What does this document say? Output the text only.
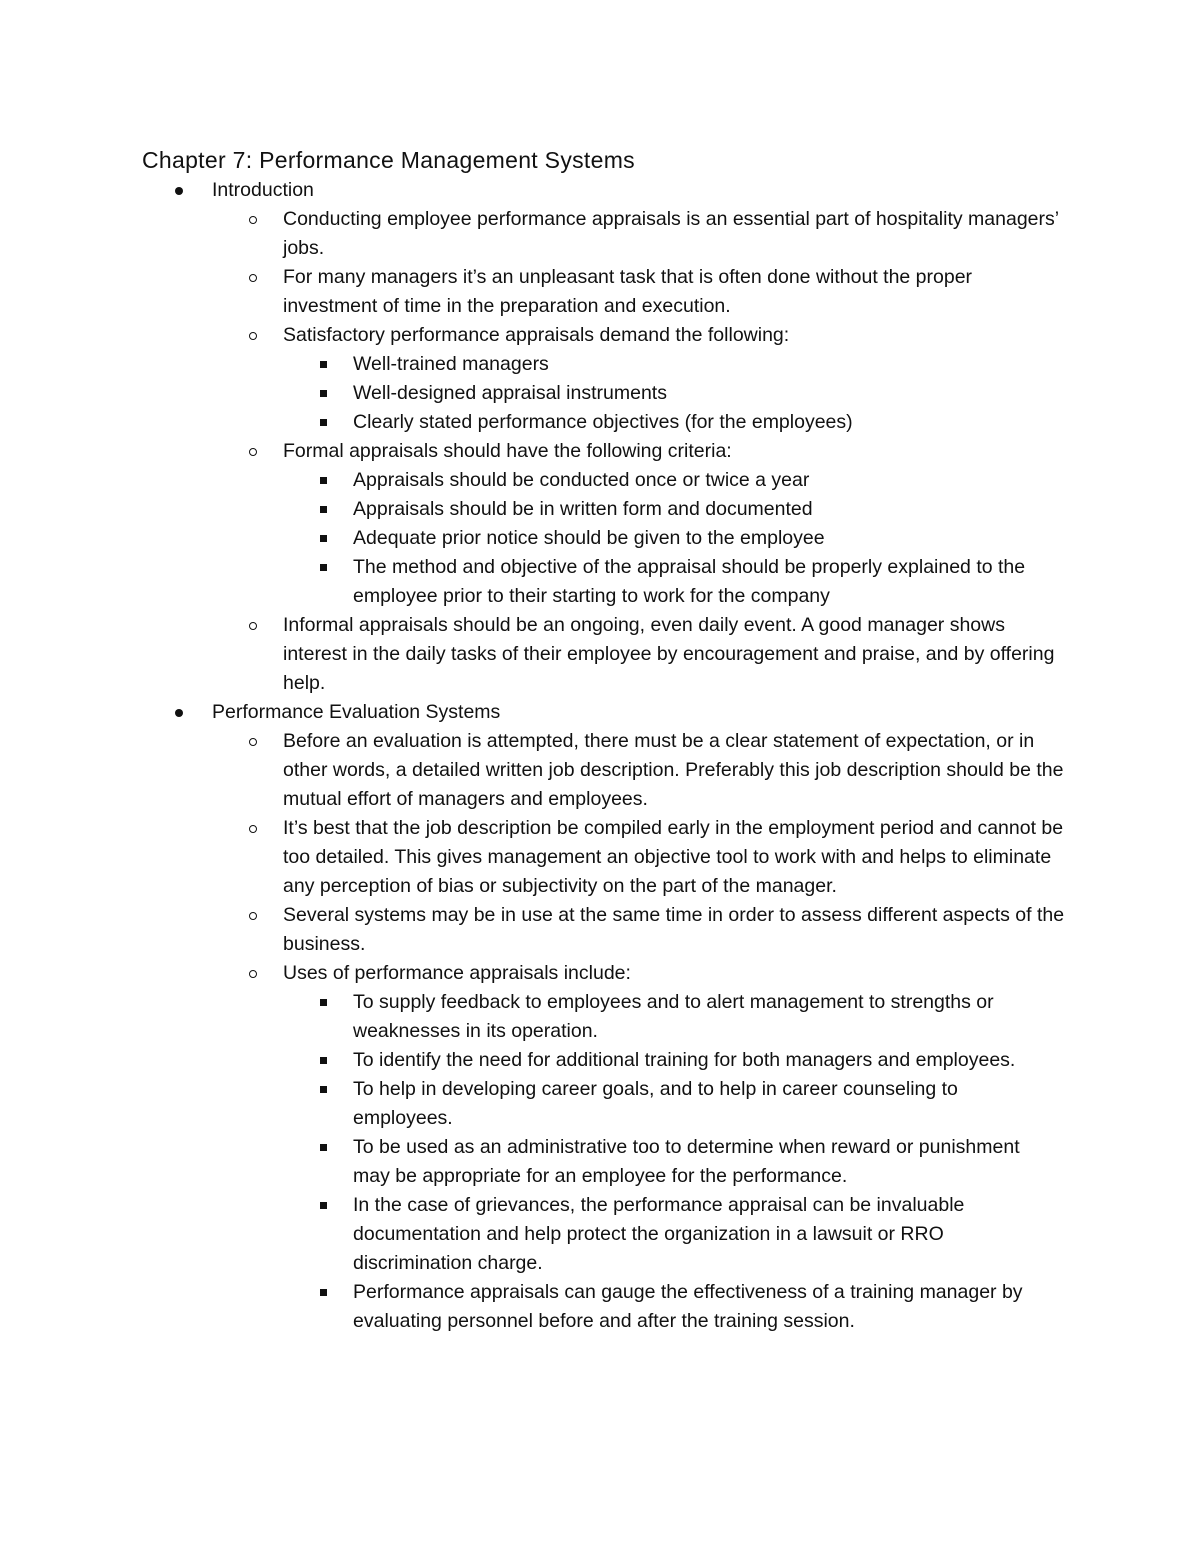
Chapter 7: Performance Management Systems
Introduction
Conducting employee performance appraisals is an essential part of hospitality managers’ jobs.
For many managers it’s an unpleasant task that is often done without the proper investment of time in the preparation and execution.
Satisfactory performance appraisals demand the following:
Well-trained managers
Well-designed appraisal instruments
Clearly stated performance objectives (for the employees)
Formal appraisals should have the following criteria:
Appraisals should be conducted once or twice a year
Appraisals should be in written form and documented
Adequate prior notice should be given to the employee
The method and objective of the appraisal should be properly explained to the employee prior to their starting to work for the company
Informal appraisals should be an ongoing, even daily event. A good manager shows interest in the daily tasks of their employee by encouragement and praise, and by offering help.
Performance Evaluation Systems
Before an evaluation is attempted, there must be a clear statement of expectation, or in other words, a detailed written job description. Preferably this job description should be the mutual effort of managers and employees.
It’s best that the job description be compiled early in the employment period and cannot be too detailed. This gives management an objective tool to work with and helps to eliminate any perception of bias or subjectivity on the part of the manager.
Several systems may be in use at the same time in order to assess different aspects of the business.
Uses of performance appraisals include:
To supply feedback to employees and to alert management to strengths or weaknesses in its operation.
To identify the need for additional training for both managers and employees.
To help in developing career goals, and to help in career counseling to employees.
To be used as an administrative too to determine when reward or punishment may be appropriate for an employee for the performance.
In the case of grievances, the performance appraisal can be invaluable documentation and help protect the organization in a lawsuit or RRO discrimination charge.
Performance appraisals can gauge the effectiveness of a training manager by evaluating personnel before and after the training session.
